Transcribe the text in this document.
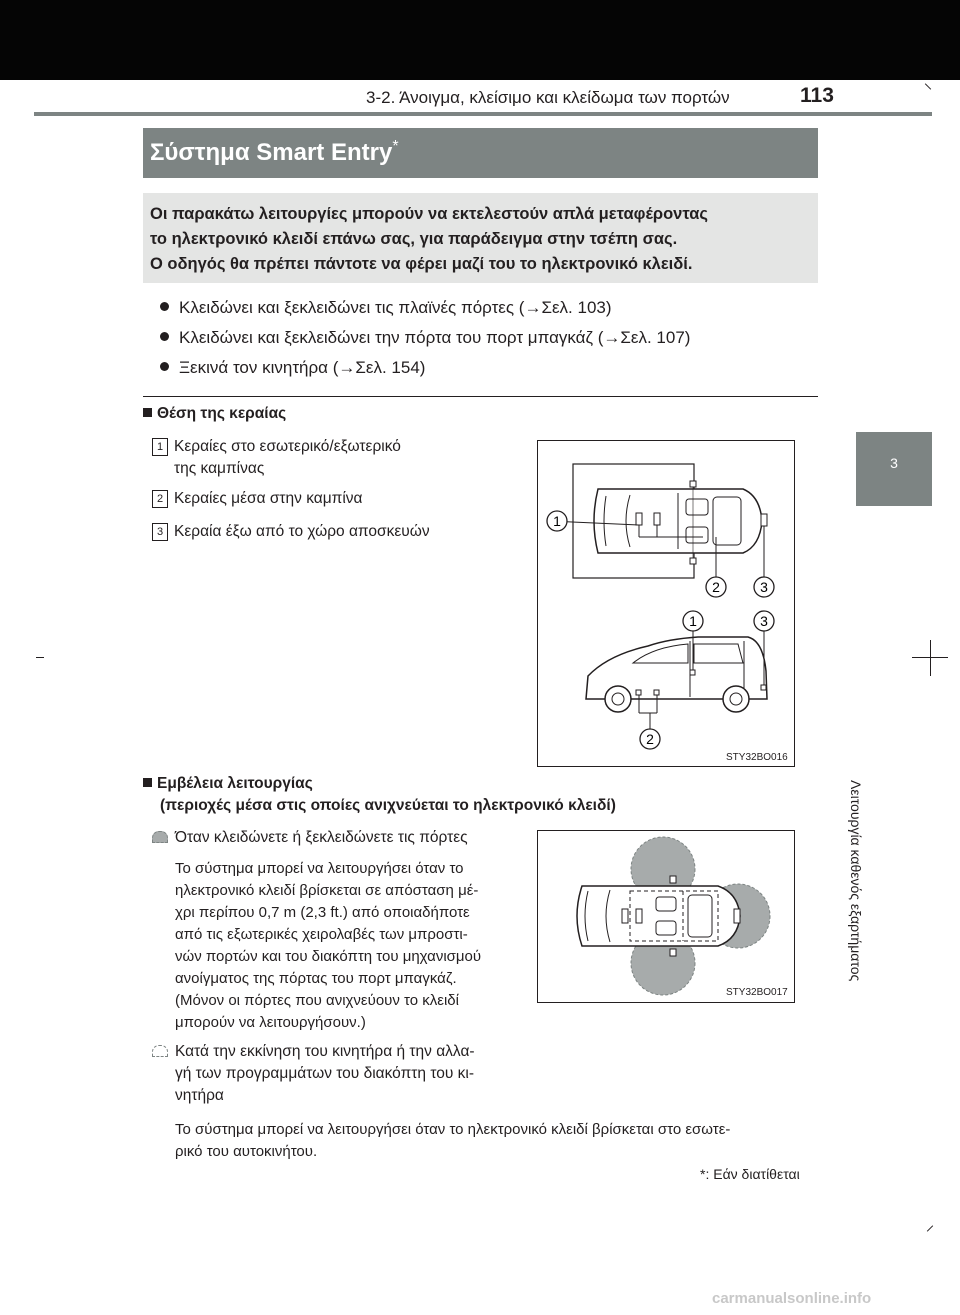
113
3-2. Άνοιγμα, κλείσιμο και κλείδωμα των πορτών
3
Λειτουργία καθενός εξαρτήματος
Σύστημα Smart Entry*
Οι παρακάτω λειτουργίες μπορούν να εκτελεστούν απλά μεταφέροντας
το ηλεκτρονικό κλειδί επάνω σας, για παράδειγμα στην τσέπη σας.
Ο οδηγός θα πρέπει πάντοτε να φέρει μαζί του το ηλεκτρονικό κλειδί.
Κλειδώνει και ξεκλειδώνει τις πλαϊνές πόρτες (→Σελ. 103)
Κλειδώνει και ξεκλειδώνει την πόρτα του πορτ μπαγκάζ (→Σελ. 107)
Ξεκινά τον κινητήρα (→Σελ. 154)
Θέση της κεραίας
1 Κεραίες στο εσωτερικό/εξωτερικό
της καμπίνας
2 Κεραίες μέσα στην καμπίνα
3 Κεραία έξω από το χώρο αποσκευών
1
2	3
1	3
2
STY32BO016
Εμβέλεια λειτουργίας
(περιοχές μέσα στις οποίες ανιχνεύεται το ηλεκτρονικό κλειδί)
Όταν κλειδώνετε ή ξεκλειδώνετε τις πόρτες
Το σύστημα μπορεί να λειτουργήσει όταν το
ηλεκτρονικό κλειδί βρίσκεται σε απόσταση μέ-
χρι περίπου 0,7 m (2,3 ft.) από οποιαδήποτε
από τις εξωτερικές χειρολαβές των μπροστι-
νών πορτών και του διακόπτη του μηχανισμού
ανοίγματος της πόρτας του πορτ μπαγκάζ.
(Μόνον οι πόρτες που ανιχνεύουν το κλειδί
μπορούν να λειτουργήσουν.)
Κατά την εκκίνηση του κινητήρα ή την αλλα-
γή των προγραμμάτων του διακόπτη του κι-
νητήρα
Το σύστημα μπορεί να λειτουργήσει όταν το ηλεκτρονικό κλειδί βρίσκεται στο εσωτε-
ρικό του αυτοκινήτου.
STY32BO017
*: Εάν διατίθεται
carmanualsonline.info
